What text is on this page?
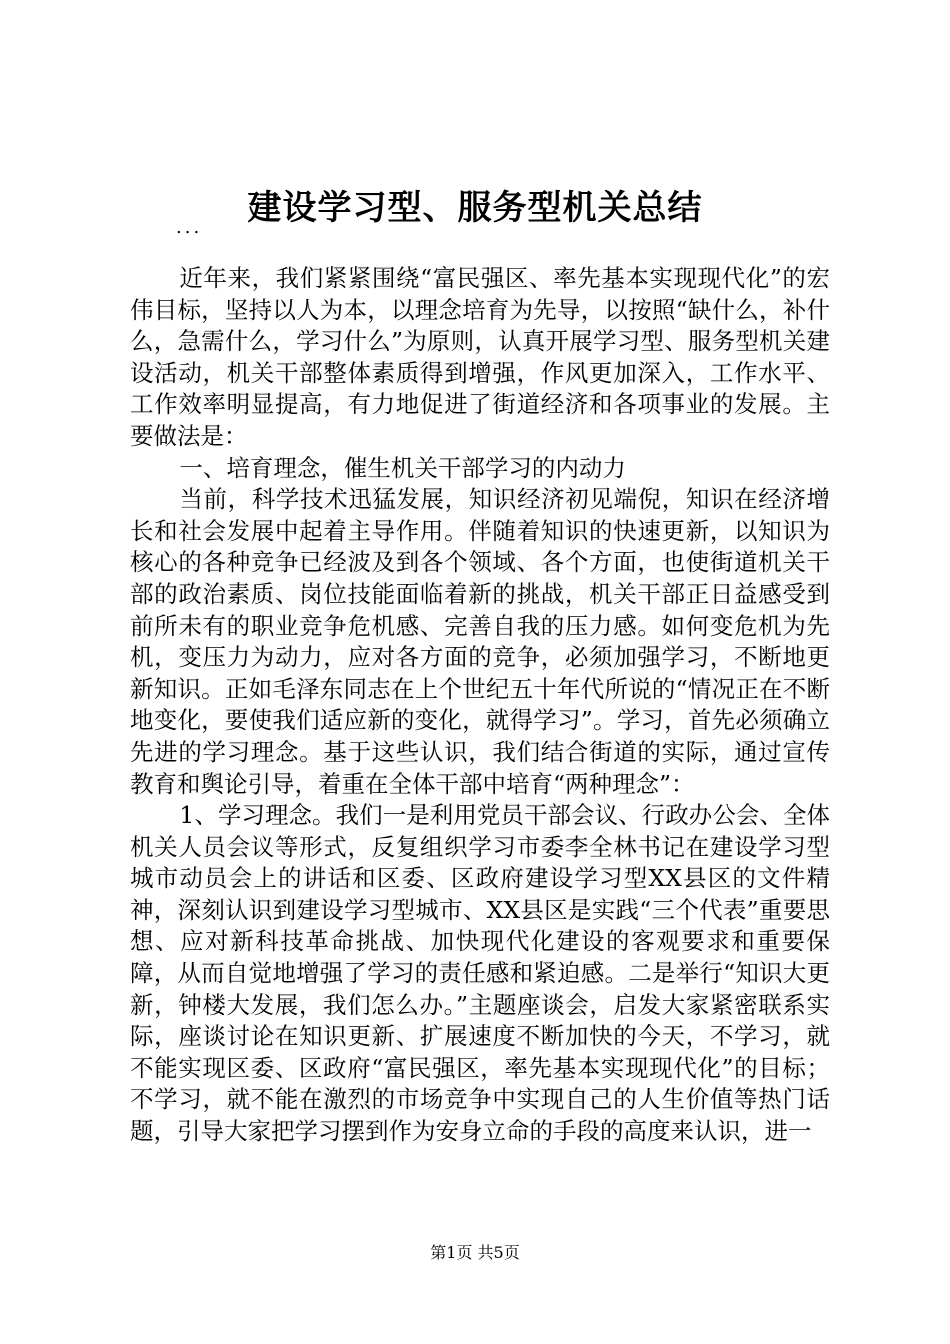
建设学习型、服务型机关总结
...

近年来，我们紧紧围绕“富民强区、率先基本实现现代化”的宏伟目标，坚持以人为本，以理念培育为先导，以按照“缺什么，补什么，急需什么，学习什么”为原则，认真开展学习型、服务型机关建设活动，机关干部整体素质得到增强，作风更加深入，工作水平、工作效率明显提高，有力地促进了街道经济和各项事业的发展。主要做法是：

一、培育理念，催生机关干部学习的内动力

当前，科学技术迅猛发展，知识经济初见端倪，知识在经济增长和社会发展中起着主导作用。伴随着知识的快速更新，以知识为核心的各种竞争已经波及到各个领域、各个方面，也使街道机关干部的政治素质、岗位技能面临着新的挑战，机关干部正日益感受到前所未有的职业竞争危机感、完善自我的压力感。如何变危机为先机，变压力为动力，应对各方面的竞争，必须加强学习，不断地更新知识。正如毛泽东同志在上个世纪五十年代所说的“情况正在不断地变化，要使我们适应新的变化，就得学习”。学习，首先必须确立先进的学习理念。基于这些认识，我们结合街道的实际，通过宣传教育和舆论引导，着重在全体干部中培育“两种理念”：

1、学习理念。我们一是利用党员干部会议、行政办公会、全体机关人员会议等形式，反复组织学习市委李全林书记在建设学习型城市动员会上的讲话和区委、区政府建设学习型XX县区的文件精神，深刻认识到建设学习型城市、XX县区是实践“三个代表”重要思想、应对新科技革命挑战、加快现代化建设的客观要求和重要保障，从而自觉地增强了学习的责任感和紧迫感。二是举行“知识大更新，钟楼大发展，我们怎么办。”主题座谈会，启发大家紧密联系实际，座谈讨论在知识更新、扩展速度不断加快的今天，不学习，就不能实现区委、区政府“富民强区，率先基本实现现代化”的目标；不学习，就不能在激烈的市场竞争中实现自己的人生价值等热门话题，引导大家把学习摆到作为安身立命的手段的高度来认识，进一

第1页 共5页
